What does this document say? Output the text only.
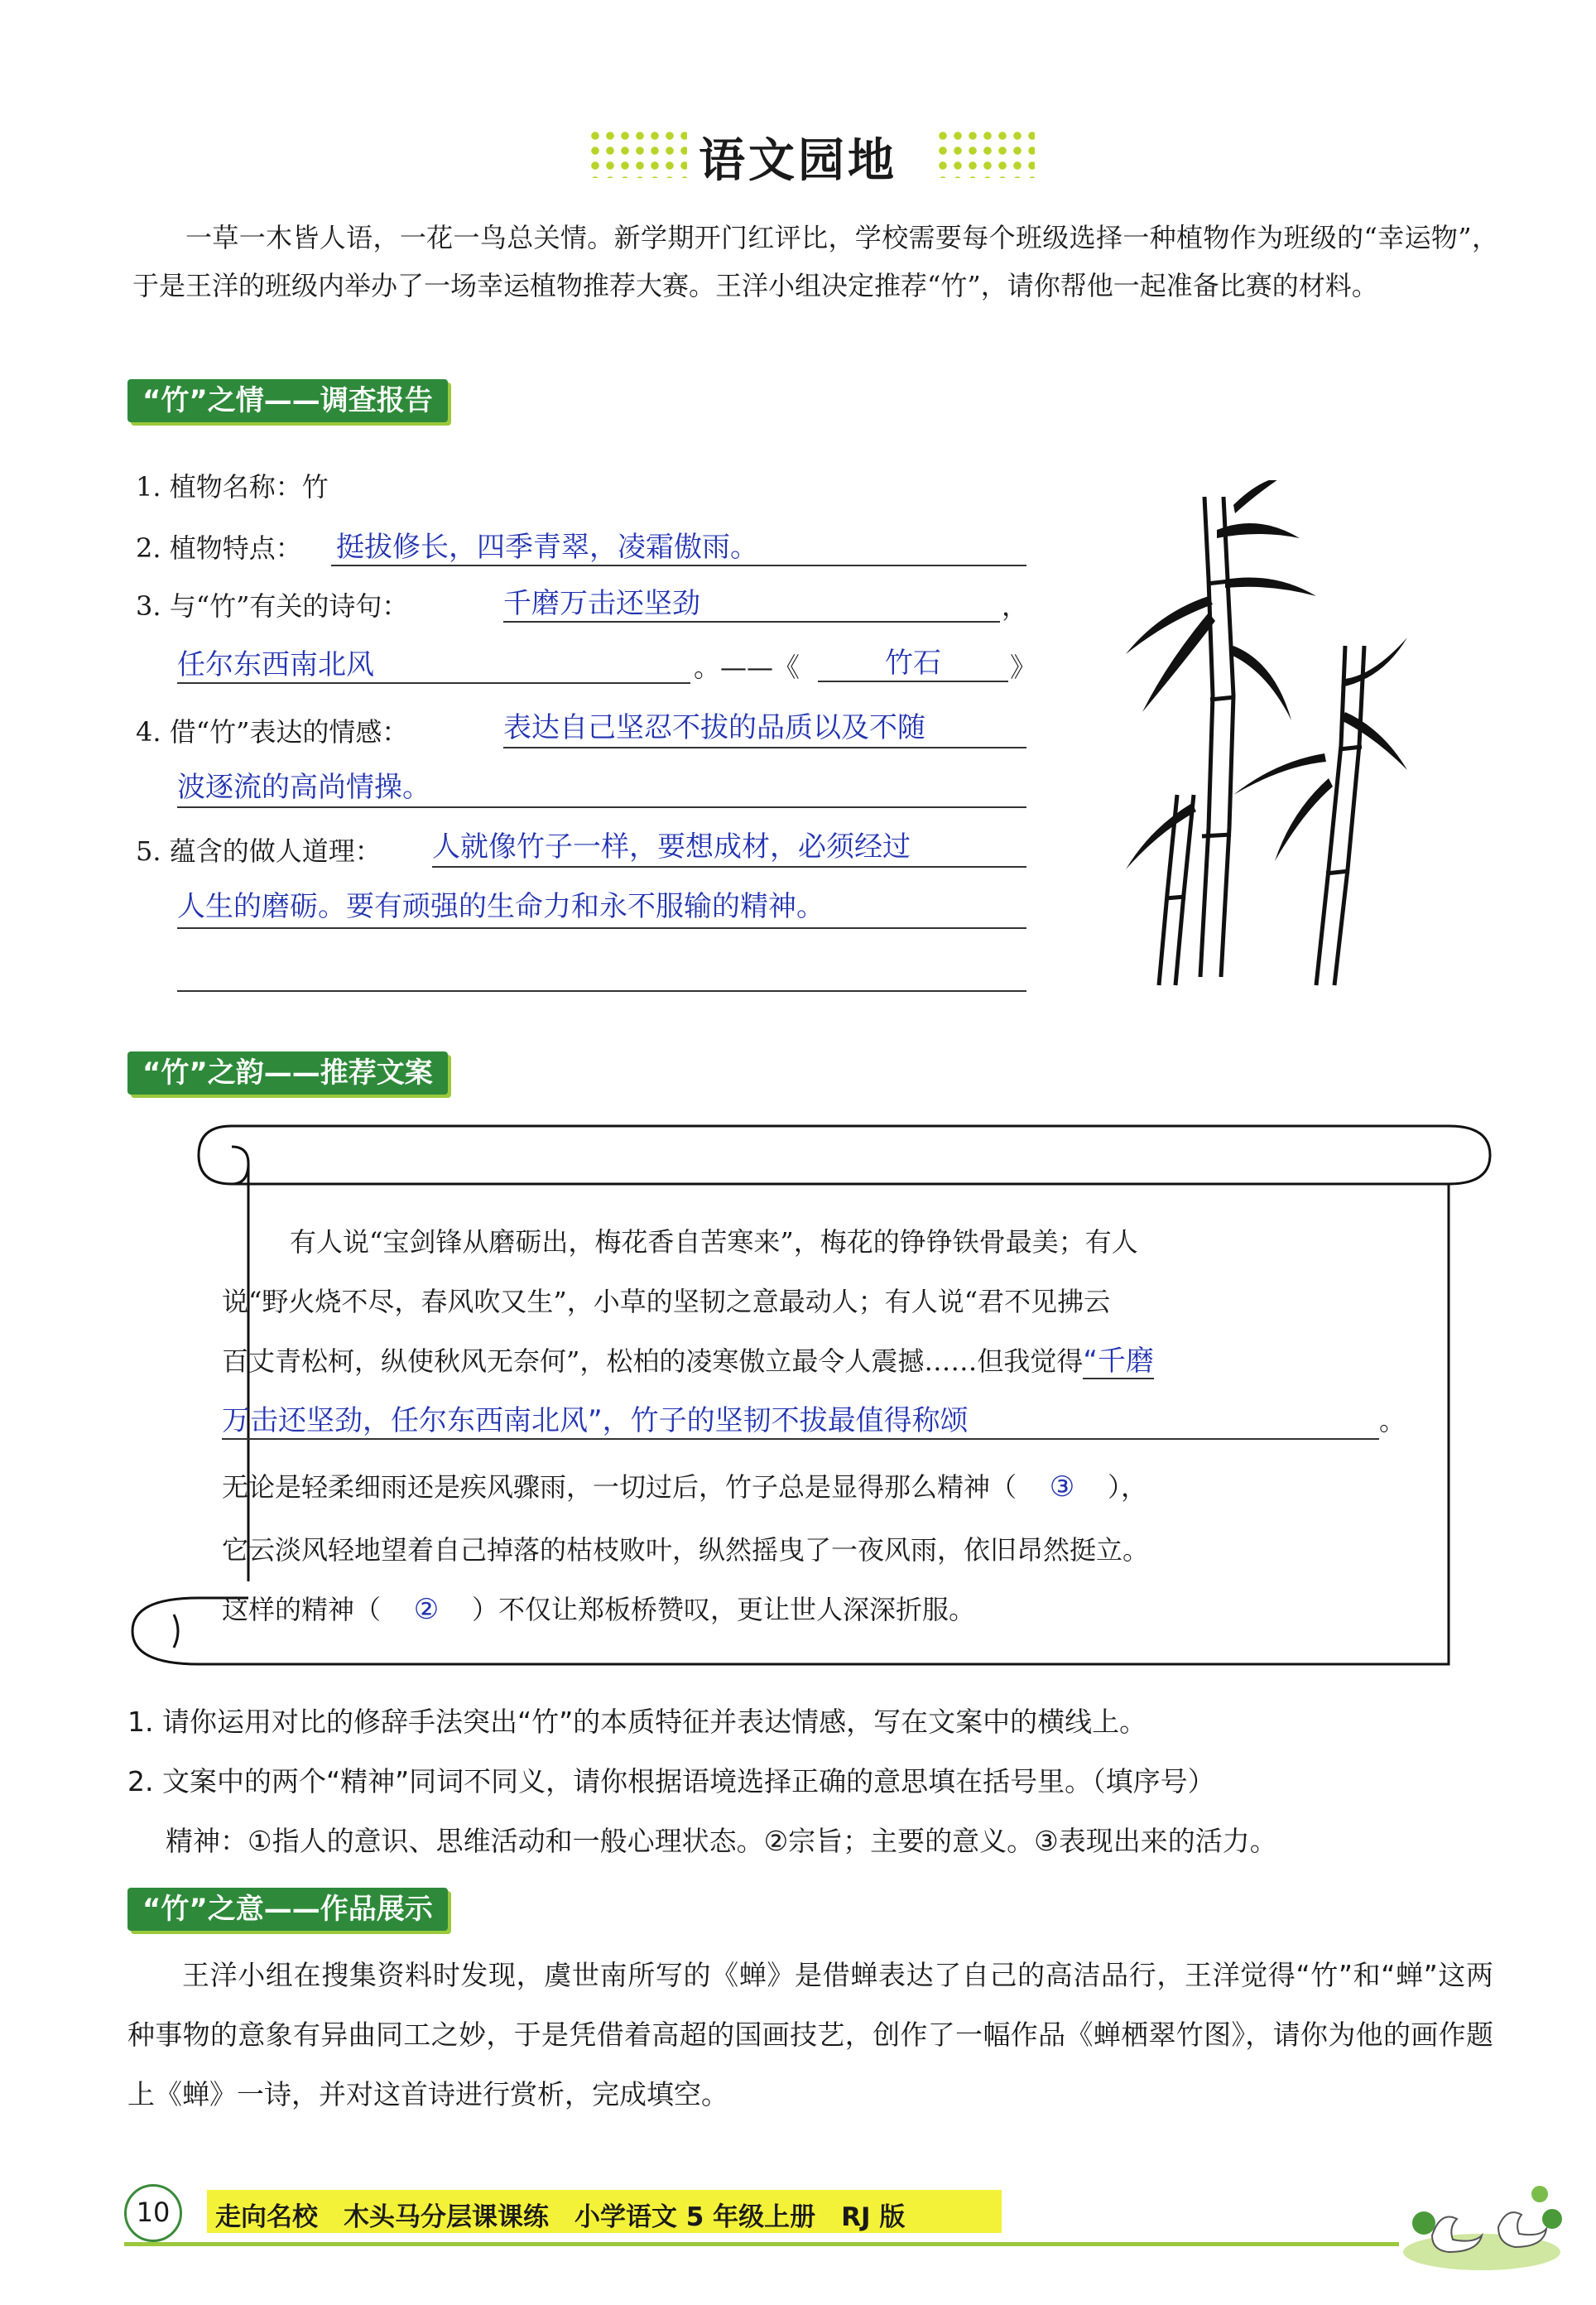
语文园地
一草一木皆人语，一花一鸟总关情。新学期开门红评比，学校需要每个班级选择一种植物作为班级的“幸运物”，于是王洋的班级内举办了一场幸运植物推荐大赛。王洋小组决定推荐“竹”，请你帮他一起准备比赛的材料。
“竹”之情——调查报告
1. 植物名称：竹
2. 植物特点： 挺拔修长，四季青翠，凌霜傲雨。
3. 与“竹”有关的诗句：	千磨万击还坚劲	，
任尔东西南北风	。——《	竹石	》
4. 借“竹”表达的情感：	表达自己坚忍不拔的品质以及不随
波逐流的高尚情操。
5. 蕴含的做人道理： 人就像竹子一样，要想成材，必须经过
人生的磨砺。要有顽强的生命力和永不服输的精神。
“竹”之韵——推荐文案
有人说“宝剑锋从磨砺出，梅花香自苦寒来”，梅花的铮铮铁骨最美；有人
说“野火烧不尽，春风吹又生”，小草的坚韧之意最动人；有人说“君不见拂云
百丈青松柯，纵使秋风无奈何”，松柏的凌寒傲立最令人震撼……但我觉得“千磨
万击还坚劲，任尔东西南北风”，竹子的坚韧不拔最值得称颂	。
无论是轻柔细雨还是疾风骤雨，一切过后，竹子总是显得那么精神（ ③ ），
它云淡风轻地望着自己掉落的枯枝败叶，纵然摇曳了一夜风雨，依旧昂然挺立。
这样的精神（ ② ）不仅让郑板桥赞叹，更让世人深深折服。
1. 请你运用对比的修辞手法突出“竹”的本质特征并表达情感，写在文案中的横线上。
2. 文案中的两个“精神”同词不同义，请你根据语境选择正确的意思填在括号里。（填序号）
精神：①指人的意识、思维活动和一般心理状态。②宗旨；主要的意义。③表现出来的活力。
“竹”之意——作品展示
王洋小组在搜集资料时发现，虞世南所写的《蝉》是借蝉表达了自己的高洁品行，王洋觉得“竹”和“蝉”这两种事物的意象有异曲同工之妙，于是凭借着高超的国画技艺，创作了一幅作品《蝉栖翠竹图》，请你为他的画作题上《蝉》一诗，并对这首诗进行赏析，完成填空。
10	走向名校　木头马分层课课练　小学语文 5 年级上册　RJ 版
